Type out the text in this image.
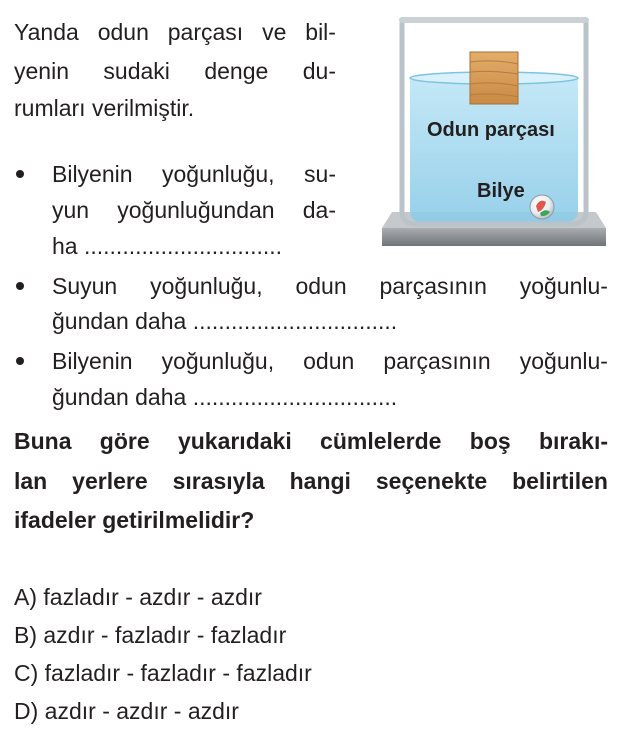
Yanda odun parçası ve bil-
yenin sudaki denge du-
rumları verilmiştir.
Bilyenin yoğunluğu, su-
yun yoğunluğundan da-
ha ...............................
Suyun yoğunluğu, odun parçasının yoğunlu-
ğundan daha ................................
Bilyenin yoğunluğu, odun parçasının yoğunlu-
ğundan daha ................................
Buna göre yukarıdaki cümlelerde boş bırakı-
lan yerlere sırasıyla hangi seçenekte belirtilen
ifadeler getirilmelidir?
A) fazladır - azdır - azdır
B) azdır - fazladır - fazladır
C) fazladır - fazladır - fazladır
D) azdır - azdır - azdır
Odun parçası
Bilye
